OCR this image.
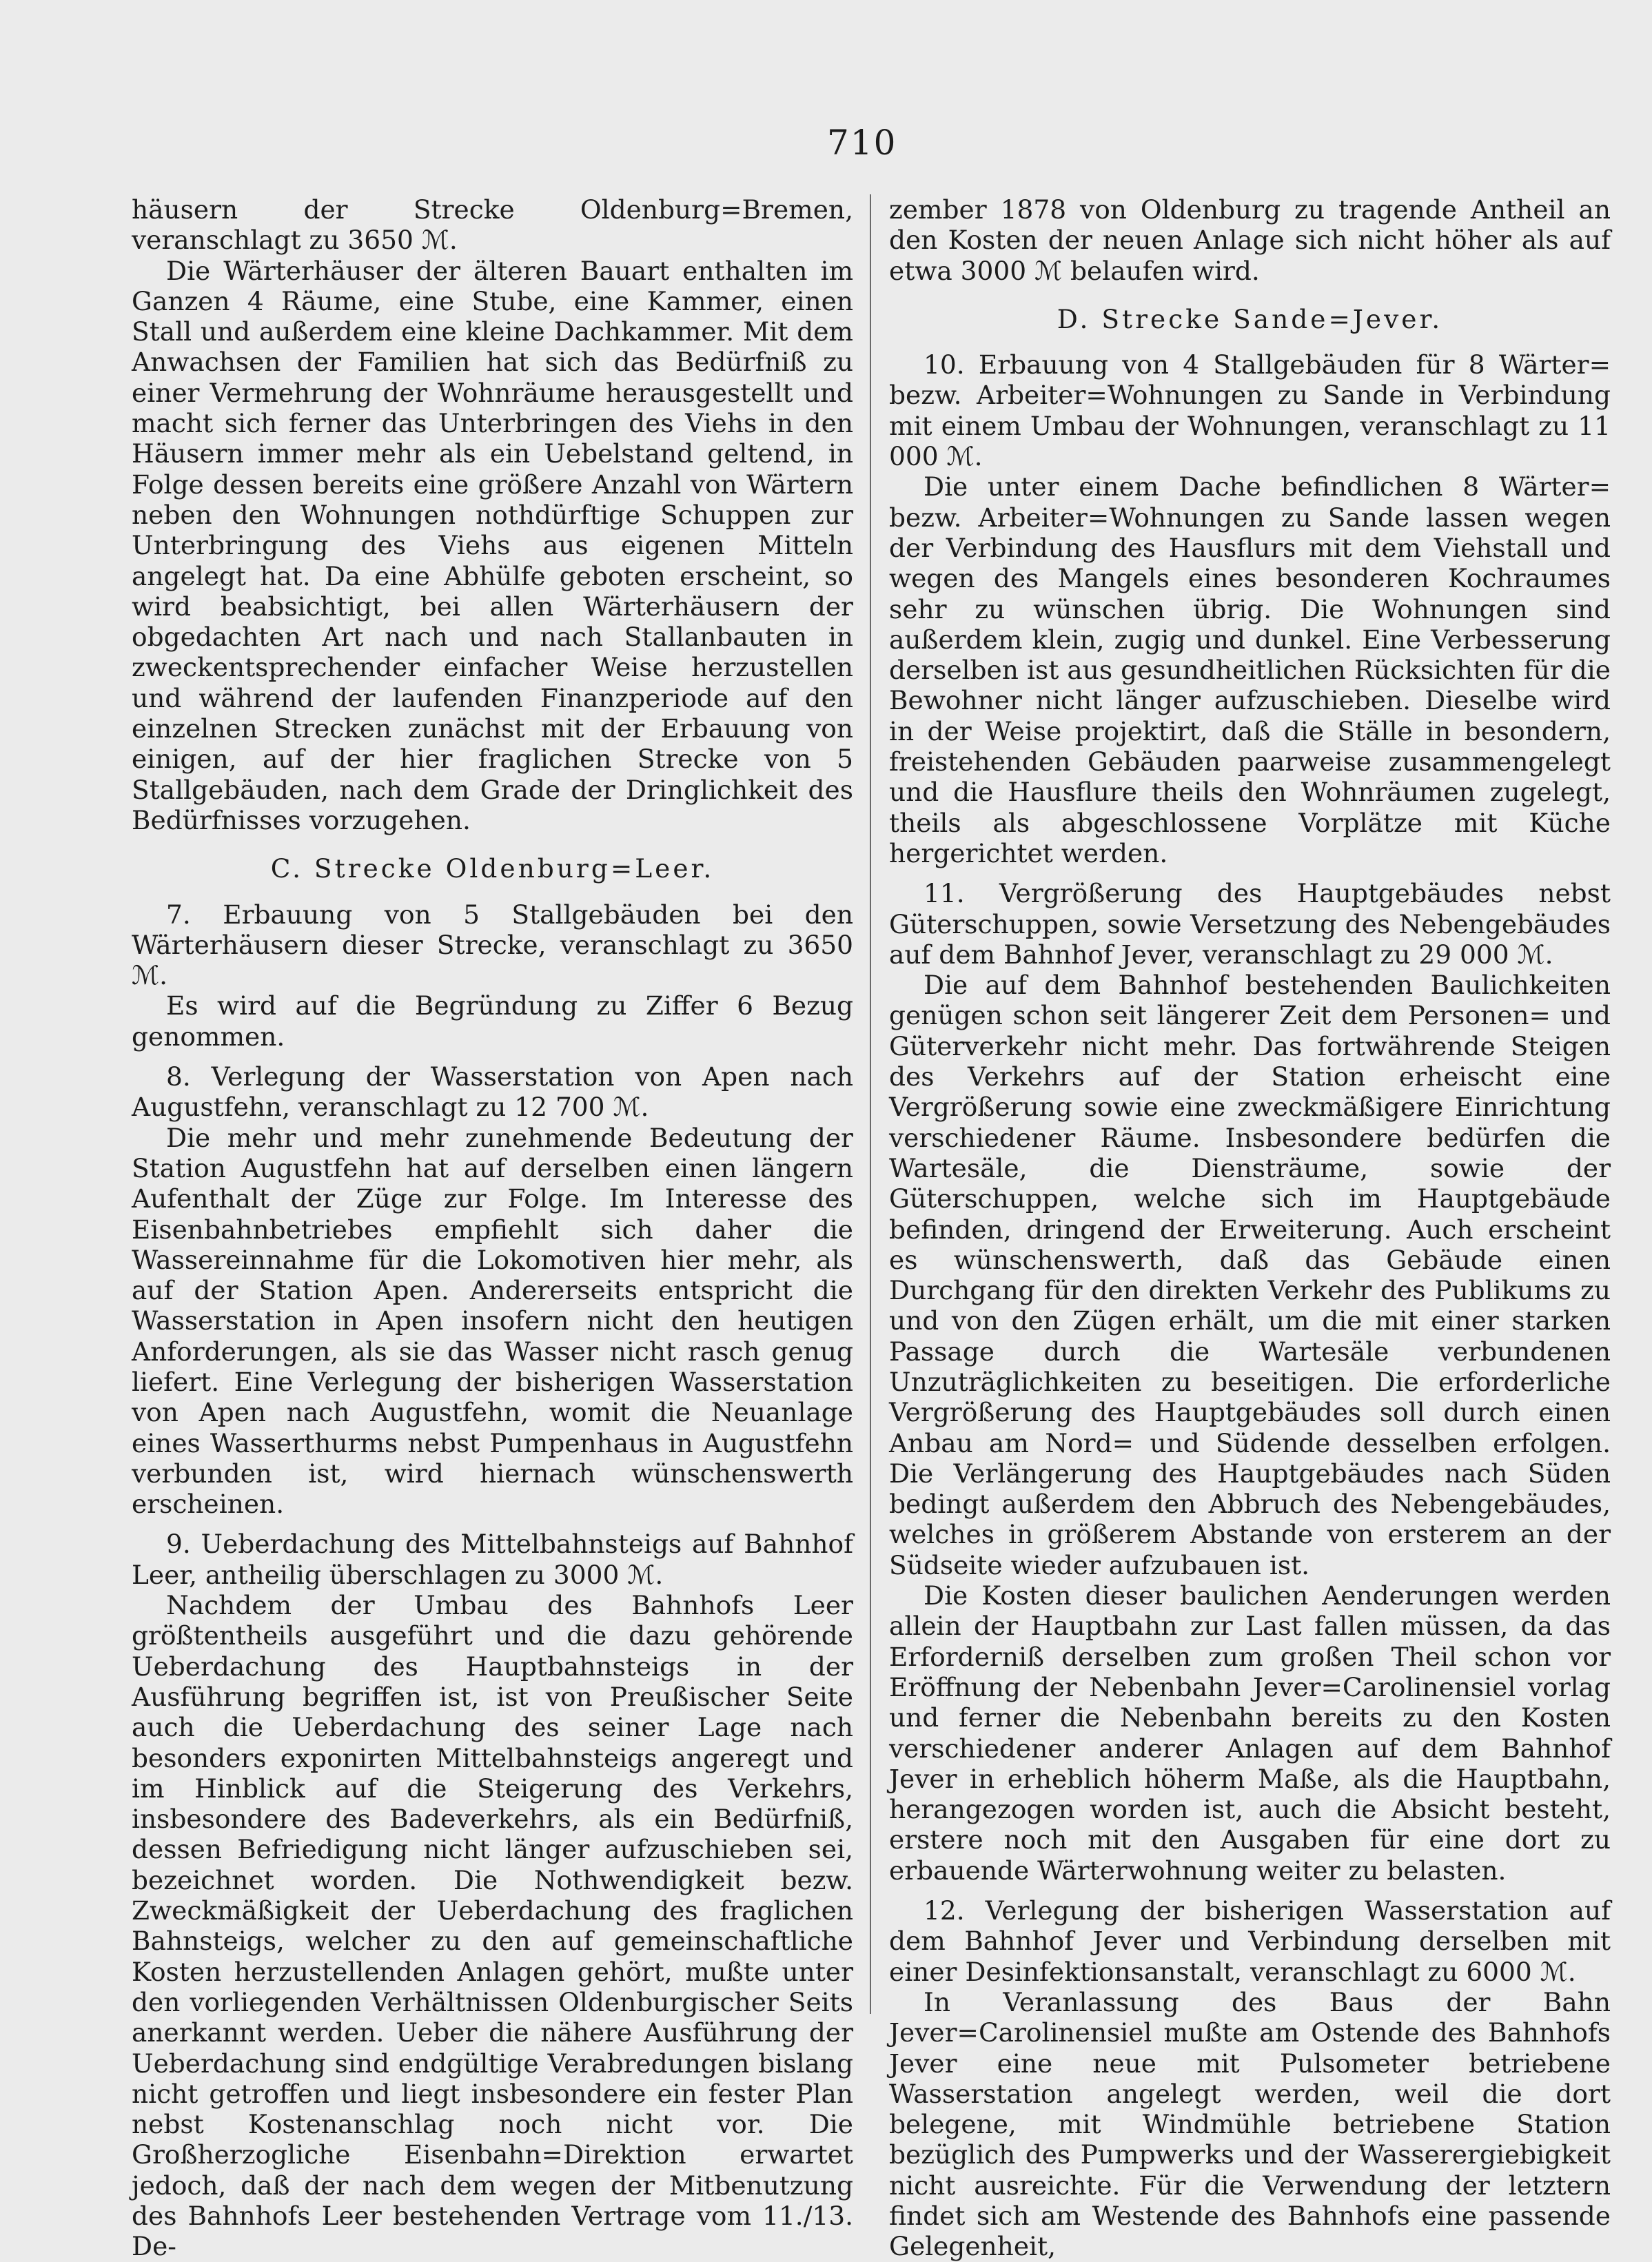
710

häusern der Strecke Oldenburg=Bremen, veranschlagt zu 3650 ℳ.

Die Wärterhäuser der älteren Bauart enthalten im Ganzen 4 Räume, eine Stube, eine Kammer, einen Stall und außerdem eine kleine Dachkammer. Mit dem Anwachsen der Familien hat sich das Bedürfniß zu einer Vermehrung der Wohnräume herausgestellt und macht sich ferner das Unterbringen des Viehs in den Häusern immer mehr als ein Uebelstand geltend, in Folge dessen bereits eine größere Anzahl von Wärtern neben den Wohnungen nothdürftige Schuppen zur Unterbringung des Viehs aus eigenen Mitteln angelegt hat. Da eine Abhülfe geboten erscheint, so wird beabsichtigt, bei allen Wärterhäusern der obgedachten Art nach und nach Stallanbauten in zweckentsprechender einfacher Weise herzustellen und während der laufenden Finanzperiode auf den einzelnen Strecken zunächst mit der Erbauung von einigen, auf der hier fraglichen Strecke von 5 Stallgebäuden, nach dem Grade der Dringlichkeit des Bedürfnisses vorzugehen.

C. Strecke Oldenburg=Leer.

7. Erbauung von 5 Stallgebäuden bei den Wärterhäusern dieser Strecke, veranschlagt zu 3650 ℳ.

Es wird auf die Begründung zu Ziffer 6 Bezug genommen.

8. Verlegung der Wasserstation von Apen nach Augustfehn, veranschlagt zu 12 700 ℳ.

Die mehr und mehr zunehmende Bedeutung der Station Augustfehn hat auf derselben einen längern Aufenthalt der Züge zur Folge. Im Interesse des Eisenbahnbetriebes empfiehlt sich daher die Wassereinnahme für die Lokomotiven hier mehr, als auf der Station Apen. Andererseits entspricht die Wasserstation in Apen insofern nicht den heutigen Anforderungen, als sie das Wasser nicht rasch genug liefert. Eine Verlegung der bisherigen Wasserstation von Apen nach Augustfehn, womit die Neuanlage eines Wasserthurms nebst Pumpenhaus in Augustfehn verbunden ist, wird hiernach wünschenswerth erscheinen.

9. Ueberdachung des Mittelbahnsteigs auf Bahnhof Leer, antheilig überschlagen zu 3000 ℳ.

Nachdem der Umbau des Bahnhofs Leer größtentheils ausgeführt und die dazu gehörende Ueberdachung des Hauptbahnsteigs in der Ausführung begriffen ist, ist von Preußischer Seite auch die Ueberdachung des seiner Lage nach besonders exponirten Mittelbahnsteigs angeregt und im Hinblick auf die Steigerung des Verkehrs, insbesondere des Badeverkehrs, als ein Bedürfniß, dessen Befriedigung nicht länger aufzuschieben sei, bezeichnet worden. Die Nothwendigkeit bezw. Zweckmäßigkeit der Ueberdachung des fraglichen Bahnsteigs, welcher zu den auf gemeinschaftliche Kosten herzustellenden Anlagen gehört, mußte unter den vorliegenden Verhältnissen Oldenburgischer Seits anerkannt werden. Ueber die nähere Ausführung der Ueberdachung sind endgültige Verabredungen bislang nicht getroffen und liegt insbesondere ein fester Plan nebst Kostenanschlag noch nicht vor. Die Großherzogliche Eisenbahn=Direktion erwartet jedoch, daß der nach dem wegen der Mitbenutzung des Bahnhofs Leer bestehenden Vertrage vom 11./13. De-

zember 1878 von Oldenburg zu tragende Antheil an den Kosten der neuen Anlage sich nicht höher als auf etwa 3000 ℳ belaufen wird.

D. Strecke Sande=Jever.

10. Erbauung von 4 Stallgebäuden für 8 Wärter= bezw. Arbeiter=Wohnungen zu Sande in Verbindung mit einem Umbau der Wohnungen, veranschlagt zu 11 000 ℳ.

Die unter einem Dache befindlichen 8 Wärter= bezw. Arbeiter=Wohnungen zu Sande lassen wegen der Verbindung des Hausflurs mit dem Viehstall und wegen des Mangels eines besonderen Kochraumes sehr zu wünschen übrig. Die Wohnungen sind außerdem klein, zugig und dunkel. Eine Verbesserung derselben ist aus gesundheitlichen Rücksichten für die Bewohner nicht länger aufzuschieben. Dieselbe wird in der Weise projektirt, daß die Ställe in besondern, freistehenden Gebäuden paarweise zusammengelegt und die Hausflure theils den Wohnräumen zugelegt, theils als abgeschlossene Vorplätze mit Küche hergerichtet werden.

11. Vergrößerung des Hauptgebäudes nebst Güterschuppen, sowie Versetzung des Nebengebäudes auf dem Bahnhof Jever, veranschlagt zu 29 000 ℳ.

Die auf dem Bahnhof bestehenden Baulichkeiten genügen schon seit längerer Zeit dem Personen= und Güterverkehr nicht mehr. Das fortwährende Steigen des Verkehrs auf der Station erheischt eine Vergrößerung sowie eine zweckmäßigere Einrichtung verschiedener Räume. Insbesondere bedürfen die Wartesäle, die Diensträume, sowie der Güterschuppen, welche sich im Hauptgebäude befinden, dringend der Erweiterung. Auch erscheint es wünschenswerth, daß das Gebäude einen Durchgang für den direkten Verkehr des Publikums zu und von den Zügen erhält, um die mit einer starken Passage durch die Wartesäle verbundenen Unzuträglichkeiten zu beseitigen. Die erforderliche Vergrößerung des Hauptgebäudes soll durch einen Anbau am Nord= und Südende desselben erfolgen. Die Verlängerung des Hauptgebäudes nach Süden bedingt außerdem den Abbruch des Nebengebäudes, welches in größerem Abstande von ersterem an der Südseite wieder aufzubauen ist.

Die Kosten dieser baulichen Aenderungen werden allein der Hauptbahn zur Last fallen müssen, da das Erforderniß derselben zum großen Theil schon vor Eröffnung der Nebenbahn Jever=Carolinensiel vorlag und ferner die Nebenbahn bereits zu den Kosten verschiedener anderer Anlagen auf dem Bahnhof Jever in erheblich höherm Maße, als die Hauptbahn, herangezogen worden ist, auch die Absicht besteht, erstere noch mit den Ausgaben für eine dort zu erbauende Wärterwohnung weiter zu belasten.

12. Verlegung der bisherigen Wasserstation auf dem Bahnhof Jever und Verbindung derselben mit einer Desinfektionsanstalt, veranschlagt zu 6000 ℳ.

In Veranlassung des Baus der Bahn Jever=Carolinensiel mußte am Ostende des Bahnhofs Jever eine neue mit Pulsometer betriebene Wasserstation angelegt werden, weil die dort belegene, mit Windmühle betriebene Station bezüglich des Pumpwerks und der Wasserergiebigkeit nicht ausreichte. Für die Verwendung der letztern findet sich am Westende des Bahnhofs eine passende Gelegenheit,
